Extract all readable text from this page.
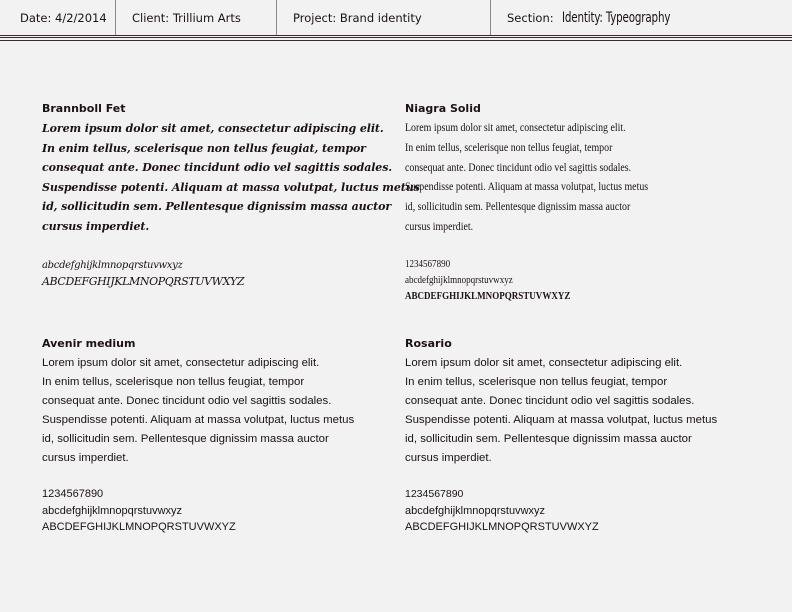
Date: 4/2/2014 Client: Trillium Arts	Project: Brand identity	Section: Identity: Typeography
Brannboll Fet
Lorem ipsum dolor sit amet, consectetur adipiscing elit.
In enim tellus, scelerisque non tellus feugiat, tempor
consequat ante. Donec tincidunt odio vel sagittis sodales.
Suspendisse potenti. Aliquam at massa volutpat, luctus metus
id, sollicitudin sem. Pellentesque dignissim massa auctor
cursus imperdiet.
abcdefghijklmnopqrstuvwxyz
ABCDEFGHIJKLMNOPQRSTUVWXYZ
Niagra Solid
Lorem ipsum dolor sit amet, consectetur adipiscing elit.
In enim tellus, scelerisque non tellus feugiat, tempor
consequat ante. Donec tincidunt odio vel sagittis sodales.
Suspendisse potenti. Aliquam at massa volutpat, luctus metus
id, sollicitudin sem. Pellentesque dignissim massa auctor
cursus imperdiet.
1234567890
abcdefghijklmnopqrstuvwxyz
ABCDEFGHIJKLMNOPQRSTUVWXYZ
Avenir medium
Lorem ipsum dolor sit amet, consectetur adipiscing elit.
In enim tellus, scelerisque non tellus feugiat, tempor
consequat ante. Donec tincidunt odio vel sagittis sodales.
Suspendisse potenti. Aliquam at massa volutpat, luctus metus
id, sollicitudin sem. Pellentesque dignissim massa auctor
cursus imperdiet.
1234567890
abcdefghijklmnopqrstuvwxyz
ABCDEFGHIJKLMNOPQRSTUVWXYZ
Rosario
Lorem ipsum dolor sit amet, consectetur adipiscing elit.
In enim tellus, scelerisque non tellus feugiat, tempor
consequat ante. Donec tincidunt odio vel sagittis sodales.
Suspendisse potenti. Aliquam at massa volutpat, luctus metus
id, sollicitudin sem. Pellentesque dignissim massa auctor
cursus imperdiet.
1234567890
abcdefghijklmnopqrstuvwxyz
ABCDEFGHIJKLMNOPQRSTUVWXYZ
